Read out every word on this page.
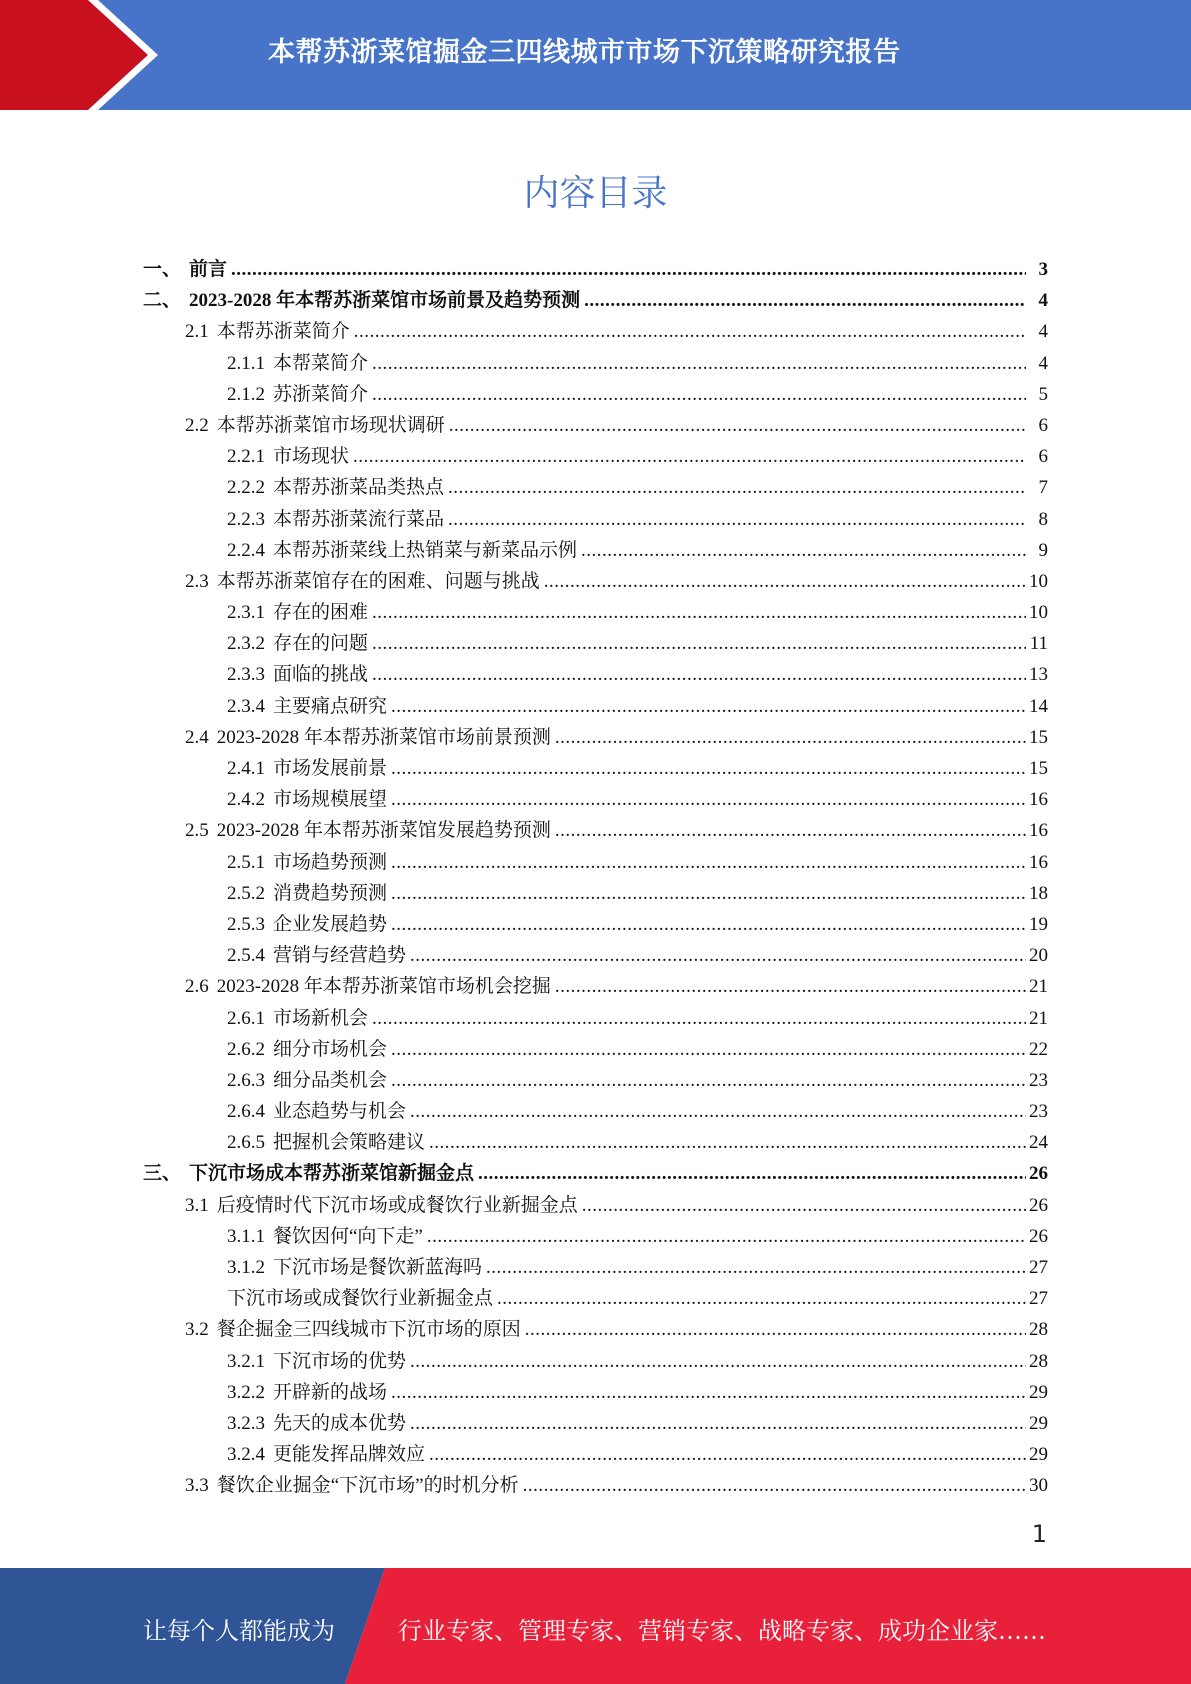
本帮苏浙菜馆掘金三四线城市市场下沉策略研究报告
内容目录
一、 前言 .....	3
二、 2023-2028 年本帮苏浙菜馆市场前景及趋势预测 .....	4
2.1 本帮苏浙菜简介 .....	4
2.1.1 本帮菜简介 .....	4
2.1.2 苏浙菜简介 .....	5
2.2 本帮苏浙菜馆市场现状调研 .....	6
2.2.1 市场现状 .....	6
2.2.2 本帮苏浙菜品类热点 .....	7
2.2.3 本帮苏浙菜流行菜品 .....	8
2.2.4 本帮苏浙菜线上热销菜与新菜品示例 .....	9
2.3 本帮苏浙菜馆存在的困难、问题与挑战 .....	10
2.3.1 存在的困难 .....	10
2.3.2 存在的问题 .....	11
2.3.3 面临的挑战 .....	13
2.3.4 主要痛点研究 .....	14
2.4 2023-2028 年本帮苏浙菜馆市场前景预测 .....	15
2.4.1 市场发展前景 .....	15
2.4.2 市场规模展望 .....	16
2.5 2023-2028 年本帮苏浙菜馆发展趋势预测 .....	16
2.5.1 市场趋势预测 .....	16
2.5.2 消费趋势预测 .....	18
2.5.3 企业发展趋势 .....	19
2.5.4 营销与经营趋势 .....	20
2.6 2023-2028 年本帮苏浙菜馆市场机会挖掘 .....	21
2.6.1 市场新机会 .....	21
2.6.2 细分市场机会 .....	22
2.6.3 细分品类机会 .....	23
2.6.4 业态趋势与机会 .....	23
2.6.5 把握机会策略建议 .....	24
三、 下沉市场成本帮苏浙菜馆新掘金点 .....	26
3.1 后疫情时代下沉市场或成餐饮行业新掘金点 .....	26
3.1.1 餐饮因何“向下走” .....	26
3.1.2 下沉市场是餐饮新蓝海吗 .....	27
下沉市场或成餐饮行业新掘金点 .....	27
3.2 餐企掘金三四线城市下沉市场的原因 .....	28
3.2.1 下沉市场的优势 .....	28
3.2.2 开辟新的战场 .....	29
3.2.3 先天的成本优势 .....	29
3.2.4 更能发挥品牌效应 .....	29
3.3 餐饮企业掘金“下沉市场”的时机分析 .....	30
1
让每个人都能成为	行业专家、管理专家、营销专家、战略专家、成功企业家……
